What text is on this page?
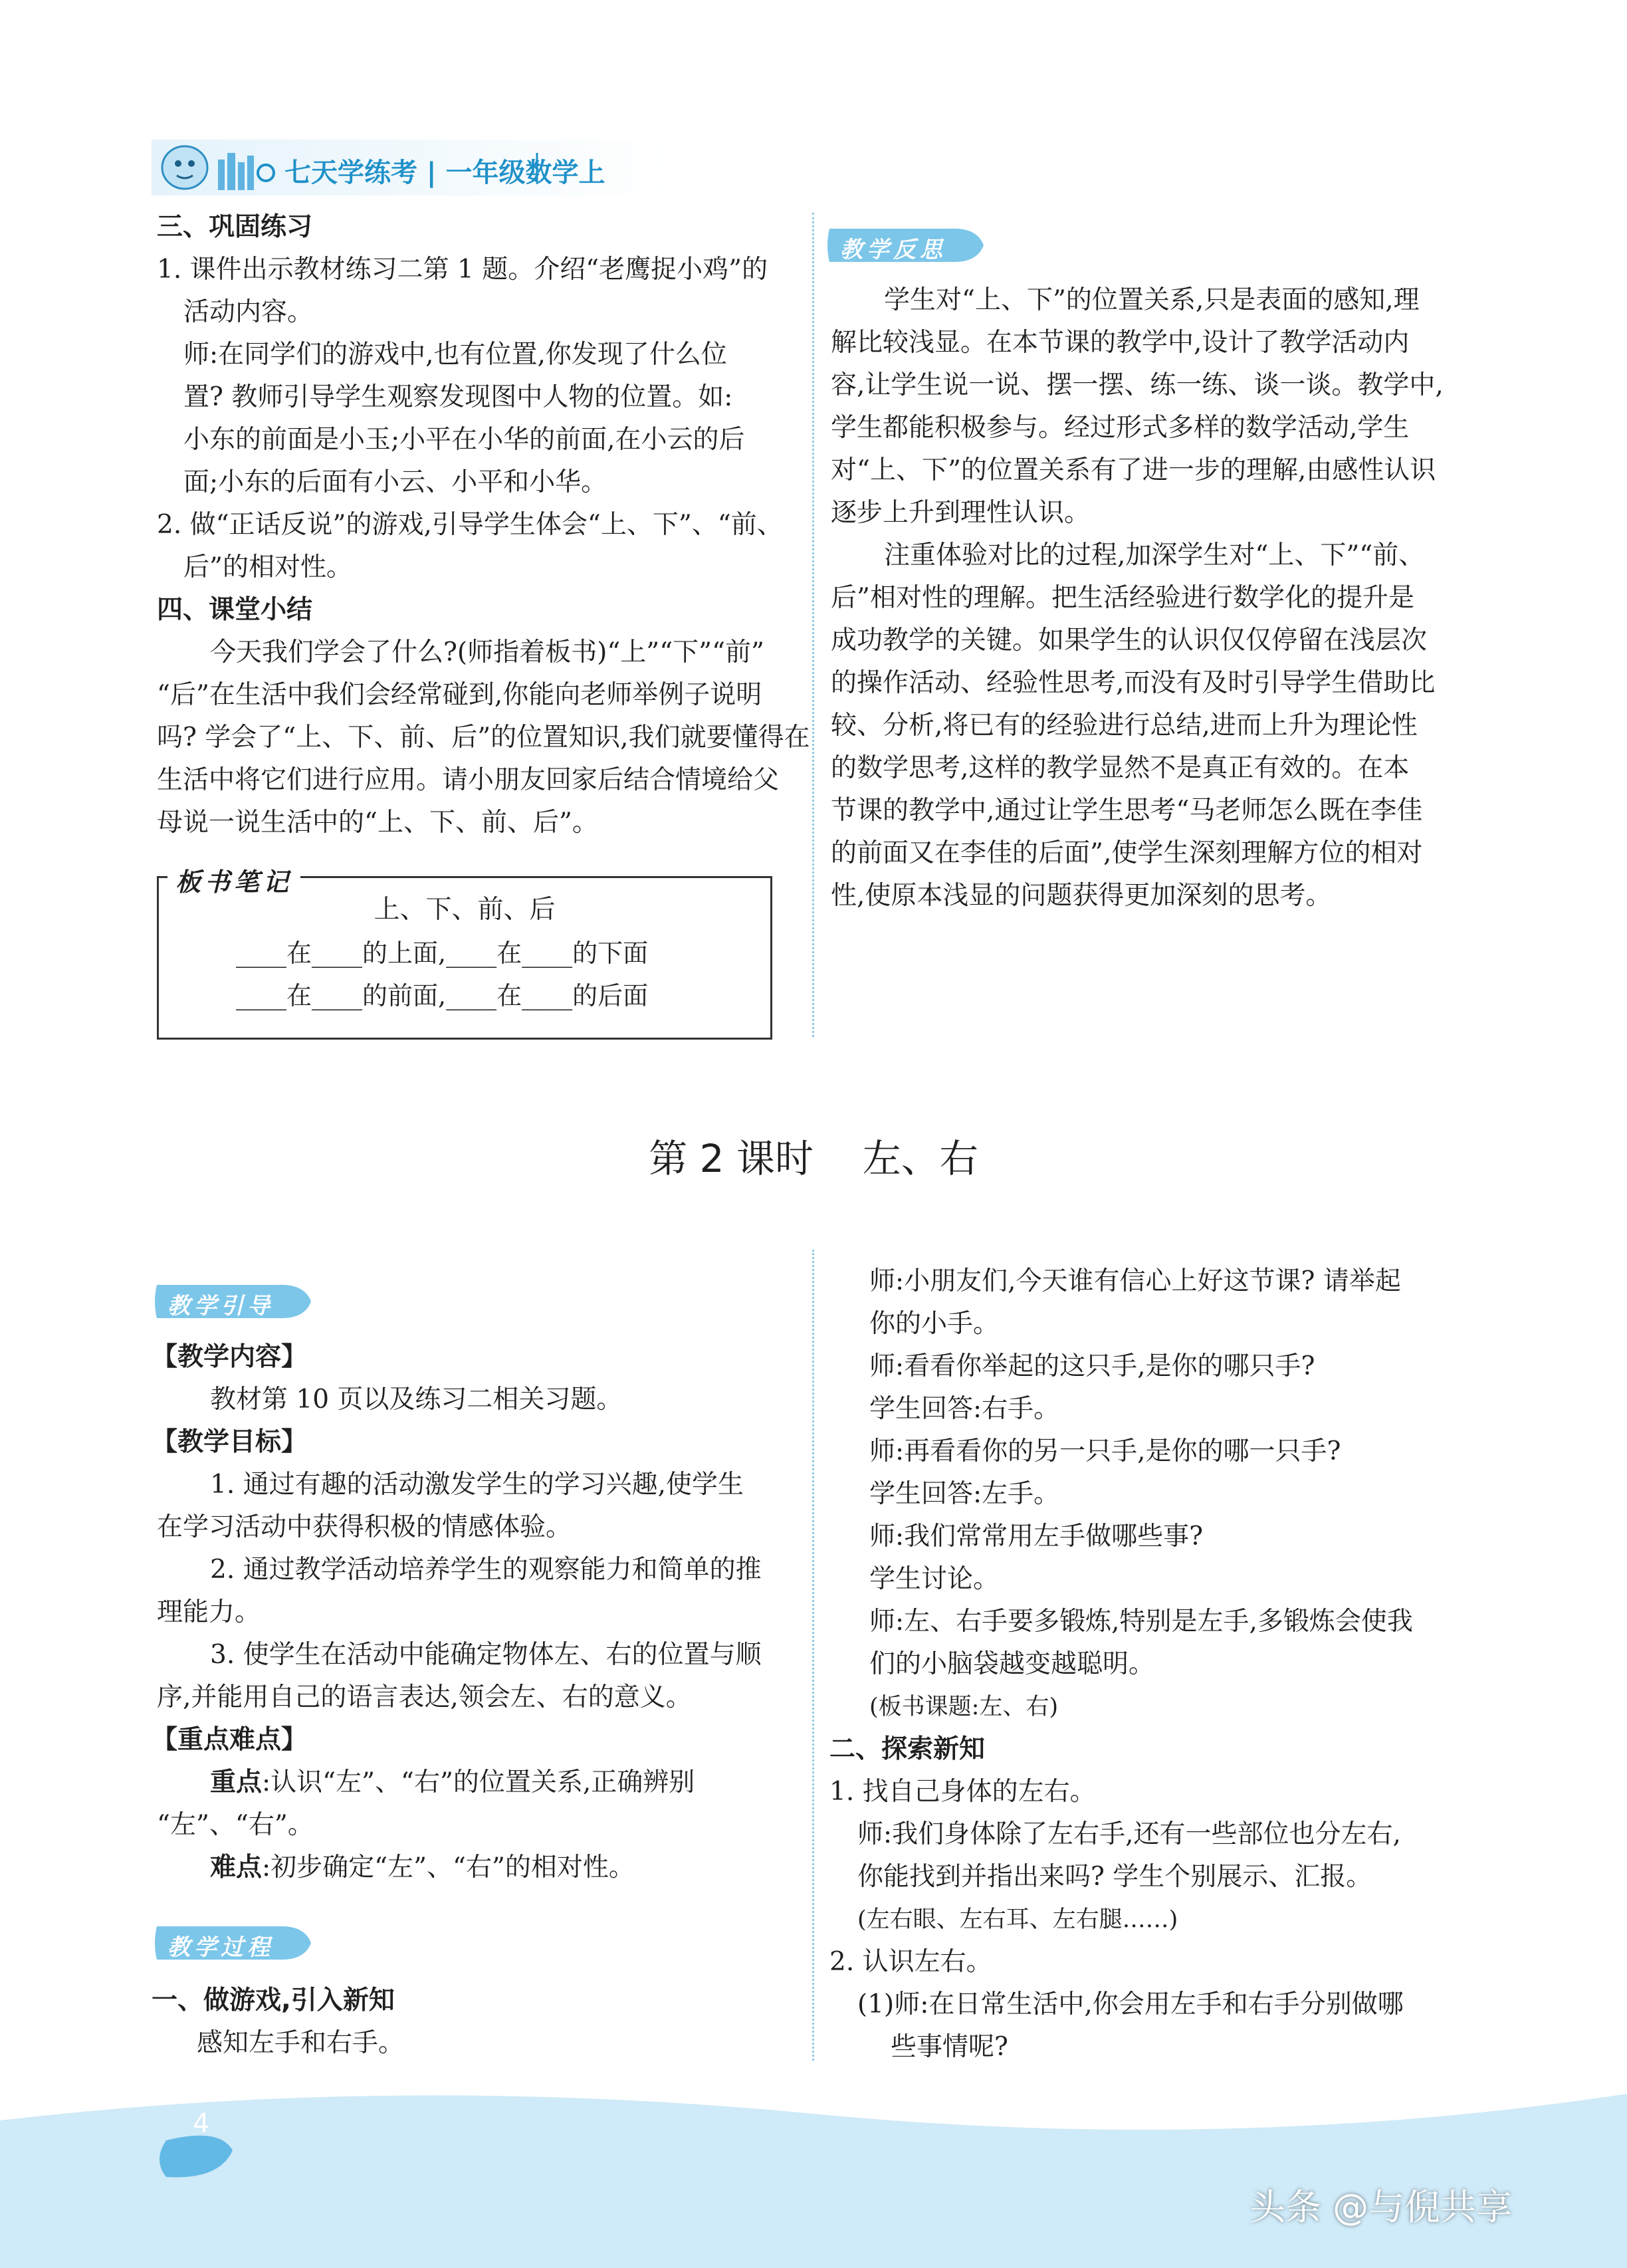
七天学练考 | 一年级数学上
三、巩固练习
1. 课件出示教材练习二第 1 题。介绍“老鹰捉小鸡”的
活动内容。
师:在同学们的游戏中,也有位置,你发现了什么位
置? 教师引导学生观察发现图中人物的位置。如:
小东的前面是小玉;小平在小华的前面,在小云的后
面;小东的后面有小云、小平和小华。
2. 做“正话反说”的游戏,引导学生体会“上、下”、“前、
后”的相对性。
四、课堂小结
今天我们学会了什么?(师指着板书)“上”“下”“前”
“后”在生活中我们会经常碰到,你能向老师举例子说明
吗? 学会了“上、下、前、后”的位置知识,我们就要懂得在
生活中将它们进行应用。请小朋友回家后结合情境给父
母说一说生活中的“上、下、前、后”。
上、下、前、后
____在____的上面,____在____的下面
____在____的前面,____在____的后面
板书笔记
教学反思
学生对“上、下”的位置关系,只是表面的感知,理
解比较浅显。在本节课的教学中,设计了教学活动内
容,让学生说一说、摆一摆、练一练、谈一谈。教学中,
学生都能积极参与。经过形式多样的数学活动,学生
对“上、下”的位置关系有了进一步的理解,由感性认识
逐步上升到理性认识。
注重体验对比的过程,加深学生对“上、下”“前、
后”相对性的理解。把生活经验进行数学化的提升是
成功教学的关键。如果学生的认识仅仅停留在浅层次
的操作活动、经验性思考,而没有及时引导学生借助比
较、分析,将已有的经验进行总结,进而上升为理论性
的数学思考,这样的教学显然不是真正有效的。在本
节课的教学中,通过让学生思考“马老师怎么既在李佳
的前面又在李佳的后面”,使学生深刻理解方位的相对
性,使原本浅显的问题获得更加深刻的思考。
第 2 课时    左、右
教学引导
【教学内容】
教材第 10 页以及练习二相关习题。
【教学目标】
1. 通过有趣的活动激发学生的学习兴趣,使学生
在学习活动中获得积极的情感体验。
2. 通过教学活动培养学生的观察能力和简单的推
理能力。
3. 使学生在活动中能确定物体左、右的位置与顺
序,并能用自己的语言表达,领会左、右的意义。
【重点难点】
重点:认识“左”、“右”的位置关系,正确辨别
“左”、“右”。
难点:初步确定“左”、“右”的相对性。
教学过程
一、做游戏,引入新知
感知左手和右手。
师:小朋友们,今天谁有信心上好这节课? 请举起
你的小手。
师:看看你举起的这只手,是你的哪只手?
学生回答:右手。
师:再看看你的另一只手,是你的哪一只手?
学生回答:左手。
师:我们常常用左手做哪些事?
学生讨论。
师:左、右手要多锻炼,特别是左手,多锻炼会使我
们的小脑袋越变越聪明。
(板书课题:左、右)
二、探索新知
1. 找自己身体的左右。
师:我们身体除了左右手,还有一些部位也分左右,
你能找到并指出来吗? 学生个别展示、汇报。
(左右眼、左右耳、左右腿……)
2. 认识左右。
(1)师:在日常生活中,你会用左手和右手分别做哪
些事情呢?
4
头条 @与倪共享
